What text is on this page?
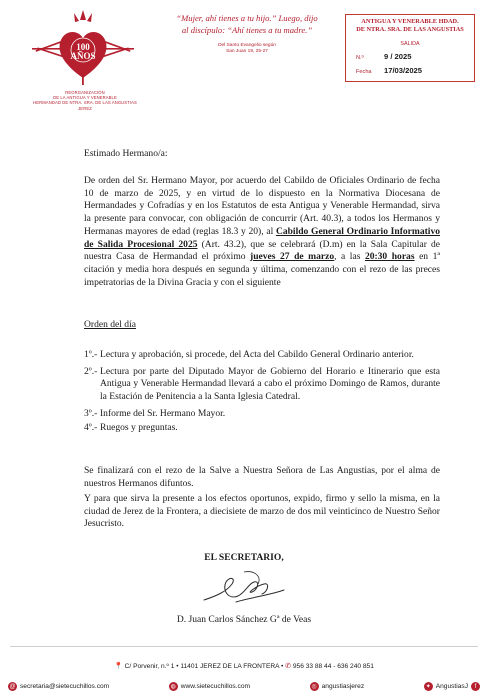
100 AÑOS
REORGANIZACIÓN
DE LA ANTIGUA Y VENERABLE
HERMANDAD DE NTRA. SRA. DE LAS ANGUSTIAS
JEREZ
“Mujer, ahí tienes a tu hijo.” Luego, dijo
al discípulo: “Ahí tienes a tu madre.”
Del Santo Evangelio según
San Juan 19, 25-27
ANTIGUA Y VENERABLE HDAD.
DE NTRA. SRA. DE LAS ANGUSTIAS
SALIDA
N.º	9 / 2025
Fecha 17/03/2025
Estimado Hermano/a:
De orden del Sr. Hermano Mayor, por acuerdo del Cabildo de Oficiales Ordinario de fecha 10 de marzo de 2025, y en virtud de lo dispuesto en la Normativa Diocesana de Hermandades y Cofradías y en los Estatutos de esta Antigua y Venerable Hermandad, sirva la presente para convocar, con obligación de concurrir (Art. 40.3), a todos los Hermanos y Hermanas mayores de edad (reglas 18.3 y 20), al Cabildo General Ordinario Informativo de Salida Procesional 2025 (Art. 43.2), que se celebrará (D.m) en la Sala Capitular de nuestra Casa de Hermandad el próximo jueves 27 de marzo, a las 20:30 horas en 1ª citación y media hora después en segunda y última, comenzando con el rezo de las preces impetratorias de la Divina Gracia y con el siguiente
Orden del día
1º.- Lectura y aprobación, si procede, del Acta del Cabildo General Ordinario anterior.
2º.- Lectura por parte del Diputado Mayor de Gobierno del Horario e Itinerario que esta Antigua y Venerable Hermandad llevará a cabo el próximo Domingo de Ramos, durante la Estación de Penitencia a la Santa Iglesia Catedral.
3º.- Informe del Sr. Hermano Mayor.
4º.- Ruegos y preguntas.
Se finalizará con el rezo de la Salve a Nuestra Señora de Las Angustias, por el alma de nuestros Hermanos difuntos.
Y para que sirva la presente a los efectos oportunos, expido, firmo y sello la misma, en la ciudad de Jerez de la Frontera, a diecisiete de marzo de dos mil veinticinco de Nuestro Señor Jesucristo.
EL SECRETARIO,
D. Juan Carlos Sánchez Gª de Veas
📍 C/ Porvenir, n.º 1 • 11401 JEREZ DE LA FRONTERA • ✆ 956 33 88 44 - 636 240 851
@ secretaria@sietecuchillos.com	◍ www.sietecuchillos.com	◎ angustiasjerez	✦ AngustiasJ	f
